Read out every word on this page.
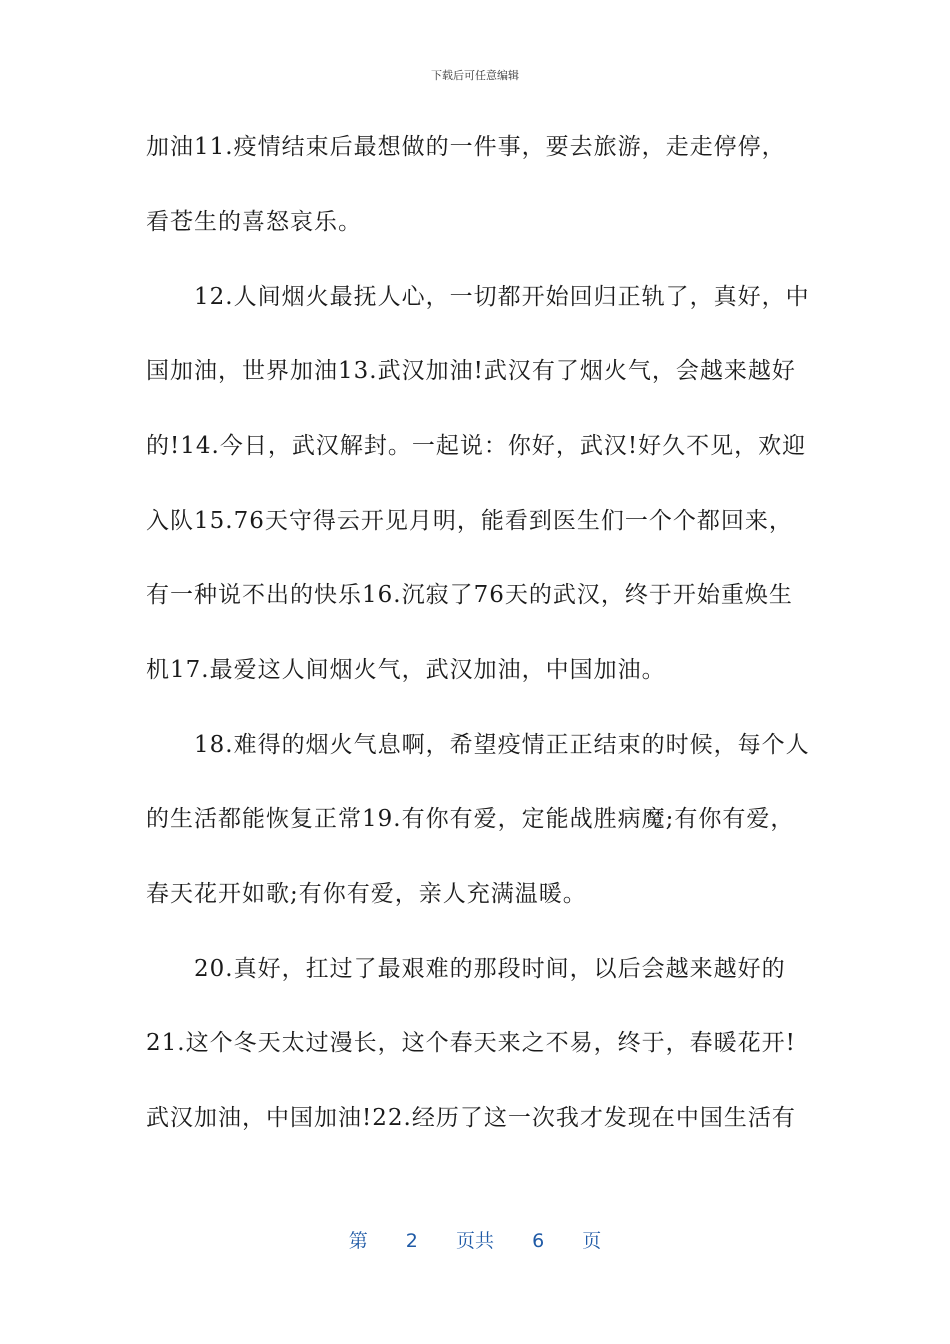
下载后可任意编辑
加油11.疫情结束后最想做的一件事，要去旅游，走走停停，
看苍生的喜怒哀乐。
　　12.人间烟火最抚人心，一切都开始回归正轨了，真好，中
国加油，世界加油13.武汉加油!武汉有了烟火气，会越来越好
的!14.今日，武汉解封。一起说：你好，武汉!好久不见，欢迎
入队15.76天守得云开见月明，能看到医生们一个个都回来，
有一种说不出的快乐16.沉寂了76天的武汉，终于开始重焕生
机17.最爱这人间烟火气，武汉加油，中国加油。
　　18.难得的烟火气息啊，希望疫情正正结束的时候，每个人
的生活都能恢复正常19.有你有爱，定能战胜病魔;有你有爱，
春天花开如歌;有你有爱，亲人充满温暖。
　　20.真好，扛过了最艰难的那段时间，以后会越来越好的
21.这个冬天太过漫长，这个春天来之不易，终于，春暖花开!
武汉加油，中国加油!22.经历了这一次我才发现在中国生活有
第 2 页共 6 页
